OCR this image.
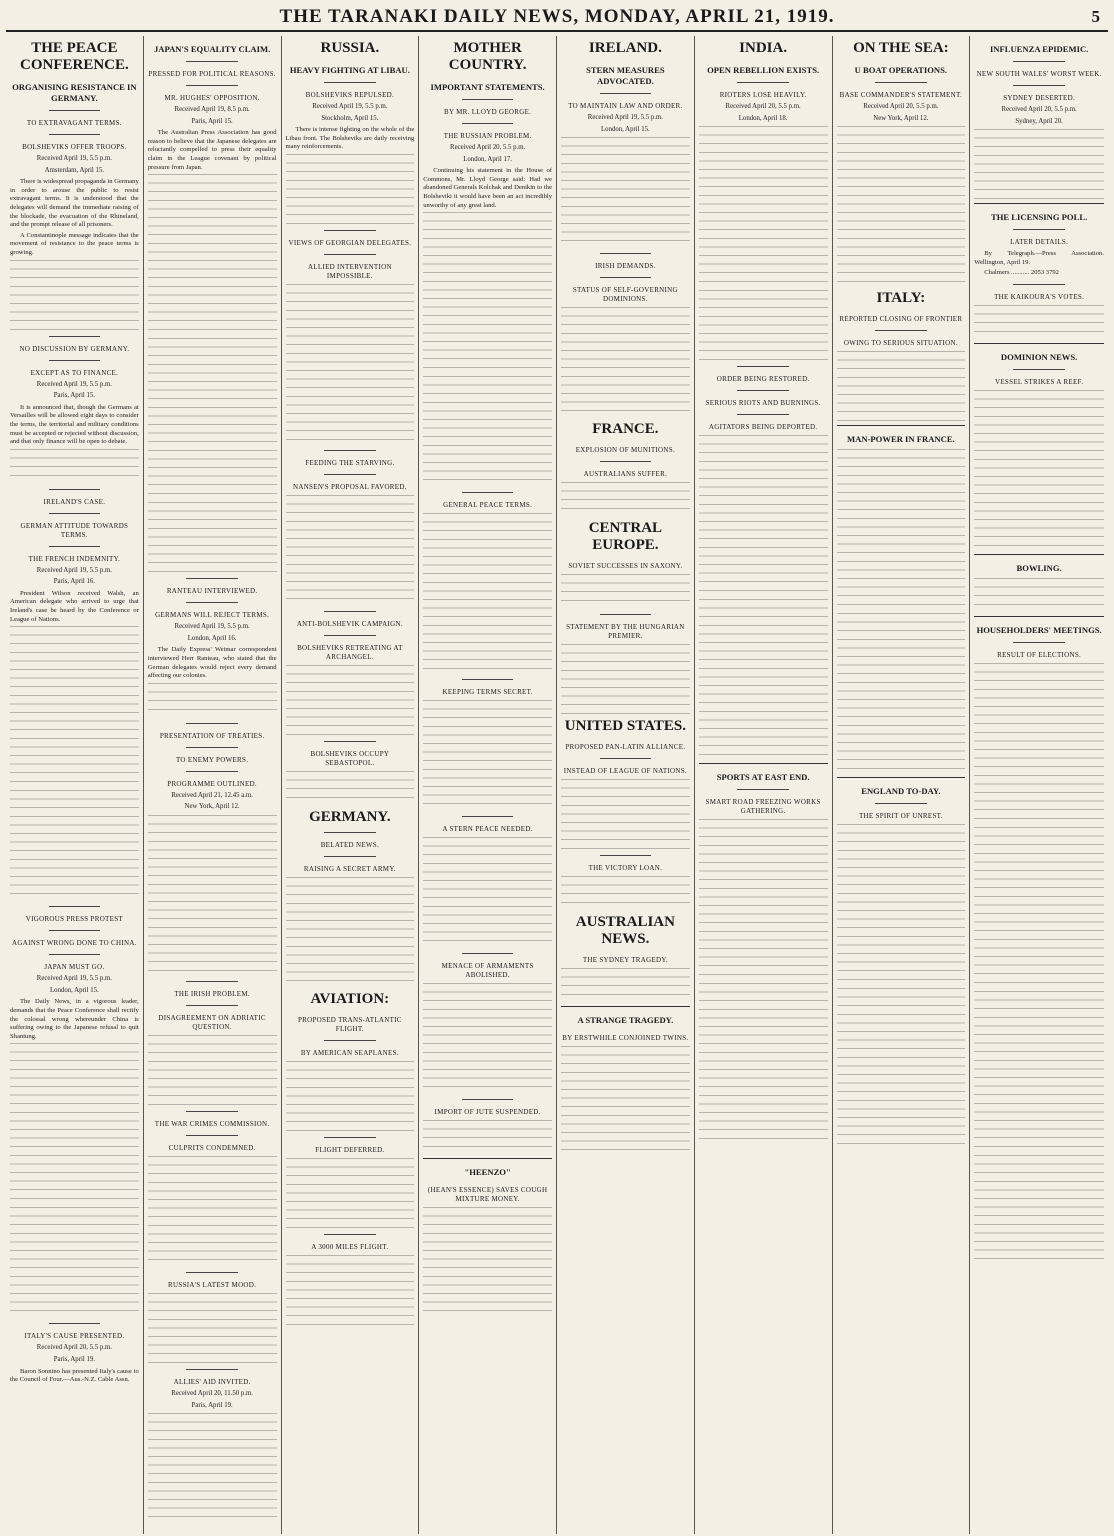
THE TARANAKI DAILY NEWS, MONDAY, APRIL 21, 1919.	5
THE PEACE CONFERENCE.
ORGANISING RESISTANCE IN GERMANY.
TO EXTRAVAGANT TERMS.
BOLSHEVIKS OFFER TROOPS.
Received April 19, 5.5 p.m.
Amsterdam, April 15.

There is widespread propaganda in Germany in order to arouse the public to resist extravagant terms. It is understood that the delegates will demand the immediate raising of the blockade, the evacuation of the Rhineland, and the prompt release of all prisoners.

A Constantinople message indicates that the movement of resistance to the peace terms is growing.

NO DISCUSSION BY GERMANY.
EXCEPT AS TO FINANCE.
Received April 19, 5.5 p.m.
Paris, April 15.

It is announced that, though the Germans at Versailles will be allowed eight days to consider the terms, the territorial and military conditions must be accepted or rejected without discussion, and that only finance will be open to debate.

IRELAND'S CASE.
GERMAN ATTITUDE TOWARDS TERMS.
THE FRENCH INDEMNITY.
Received April 19, 5.5 p.m.
Paris, April 16.

President Wilson received Walsh, an American delegate who arrived to urge that Ireland's case be heard by the Conference or League of Nations.

VIGOROUS PRESS PROTEST
AGAINST WRONG DONE TO CHINA.
JAPAN MUST GO.
Received April 19, 5.5 p.m.
London, April 15.

The Daily News, in a vigorous leader, demands that the Peace Conference shall rectify the colossal wrong whereunder China is suffering owing to the Japanese refusal to quit Shantung.

ITALY'S CAUSE PRESENTED.
Received April 20, 5.5 p.m.
Paris, April 19.

Baron Sonnino has presented Italy's cause to the Council of Four.—Aus.-N.Z. Cable Assn.

JAPAN'S EQUALITY CLAIM.
PRESSED FOR POLITICAL REASONS.
MR. HUGHES' OPPOSITION.
Received April 19, 8.5 p.m.
Paris, April 15.

The Australian Press Association has good reason to believe that the Japanese delegates are reluctantly compelled to press their equality claim in the League covenant by political pressure from Japan.

RANTEAU INTERVIEWED.
GERMANS WILL REJECT TERMS.
Received April 19, 5.5 p.m.
London, April 16.

The Daily Express' Weimar correspondent interviewed Herr Ranteau, who stated that the German delegates would reject every demand affecting our colonies.

PRESENTATION OF TREATIES.
TO ENEMY POWERS.
PROGRAMME OUTLINED.
Received April 21, 12.45 a.m.
New York, April 12.
THE IRISH PROBLEM.
DISAGREEMENT ON ADRIATIC QUESTION.
THE WAR CRIMES COMMISSION.
CULPRITS CONDEMNED.
RUSSIA'S LATEST MOOD.
ALLIES' AID INVITED.
Received April 20, 11.50 p.m.
Paris, April 19.
RUSSIA.
HEAVY FIGHTING AT LIBAU.
BOLSHEVIKS REPULSED.
Received April 19, 5.5 p.m.
Stockholm, April 15.

There is intense fighting on the whole of the Libau front. The Bolsheviks are daily receiving many reinforcements.

VIEWS OF GEORGIAN DELEGATES.
ALLIED INTERVENTION IMPOSSIBLE.
FEEDING THE STARVING.
NANSEN'S PROPOSAL FAVORED.
ANTI-BOLSHEVIK CAMPAIGN.
BOLSHEVIKS RETREATING AT ARCHANGEL.
BOLSHEVIKS OCCUPY SEBASTOPOL.
GERMANY.
BELATED NEWS.
RAISING A SECRET ARMY.
AVIATION:
PROPOSED TRANS-ATLANTIC FLIGHT.
BY AMERICAN SEAPLANES.
FLIGHT DEFERRED.
A 3000 MILES FLIGHT.
MOTHER COUNTRY.
IMPORTANT STATEMENTS.
BY MR. LLOYD GEORGE.
THE RUSSIAN PROBLEM.
Received April 20, 5.5 p.m.
London, April 17.

Continuing his statement in the House of Commons, Mr. Lloyd George said: Had we abandoned Generals Kolchak and Denikin to the Bolsheviki it would have been an act incredibly unworthy of any great land.

GENERAL PEACE TERMS.
KEEPING TERMS SECRET.
A STERN PEACE NEEDED.
MENACE OF ARMAMENTS ABOLISHED.
IMPORT OF JUTE SUSPENDED.
"HEENZO"
(HEAN'S ESSENCE) SAVES COUGH MIXTURE MONEY.
IRELAND.
STERN MEASURES ADVOCATED.
TO MAINTAIN LAW AND ORDER.
Received April 19, 5.5 p.m.
London, April 15.
IRISH DEMANDS.
STATUS OF SELF-GOVERNING DOMINIONS.
FRANCE.
EXPLOSION OF MUNITIONS.
AUSTRALIANS SUFFER.
CENTRAL EUROPE.
SOVIET SUCCESSES IN SAXONY.
STATEMENT BY THE HUNGARIAN PREMIER.
UNITED STATES.
PROPOSED PAN-LATIN ALLIANCE.
INSTEAD OF LEAGUE OF NATIONS.
THE VICTORY LOAN.
AUSTRALIAN NEWS.
THE SYDNEY TRAGEDY.
A STRANGE TRAGEDY.
BY ERSTWHILE CONJOINED TWINS.
INDIA.
OPEN REBELLION EXISTS.
RIOTERS LOSE HEAVILY.
Received April 20, 5.5 p.m.
London, April 18.
ORDER BEING RESTORED.
SERIOUS RIOTS AND BURNINGS.
AGITATORS BEING DEPORTED.
SPORTS AT EAST END.
SMART ROAD FREEZING WORKS GATHERING.
ON THE SEA:
U BOAT OPERATIONS.
BASE COMMANDER'S STATEMENT.
Received April 20, 5.5 p.m.
New York, April 12.
ITALY:
REPORTED CLOSING OF FRONTIER
OWING TO SERIOUS SITUATION.
MAN-POWER IN FRANCE.
ENGLAND TO-DAY.
THE SPIRIT OF UNREST.
INFLUENZA EPIDEMIC.
NEW SOUTH WALES' WORST WEEK.
SYDNEY DESERTED.
Received April 20, 5.5 p.m.
Sydney, April 20.
THE LICENSING POLL.
LATER DETAILS.

By Telegraph.—Press Association. Wellington, April 19.

Chalmers ........... 2053 3792

THE KAIKOURA'S VOTES.
DOMINION NEWS.
VESSEL STRIKES A REEF.
BOWLING.
HOUSEHOLDERS' MEETINGS.
RESULT OF ELECTIONS.
